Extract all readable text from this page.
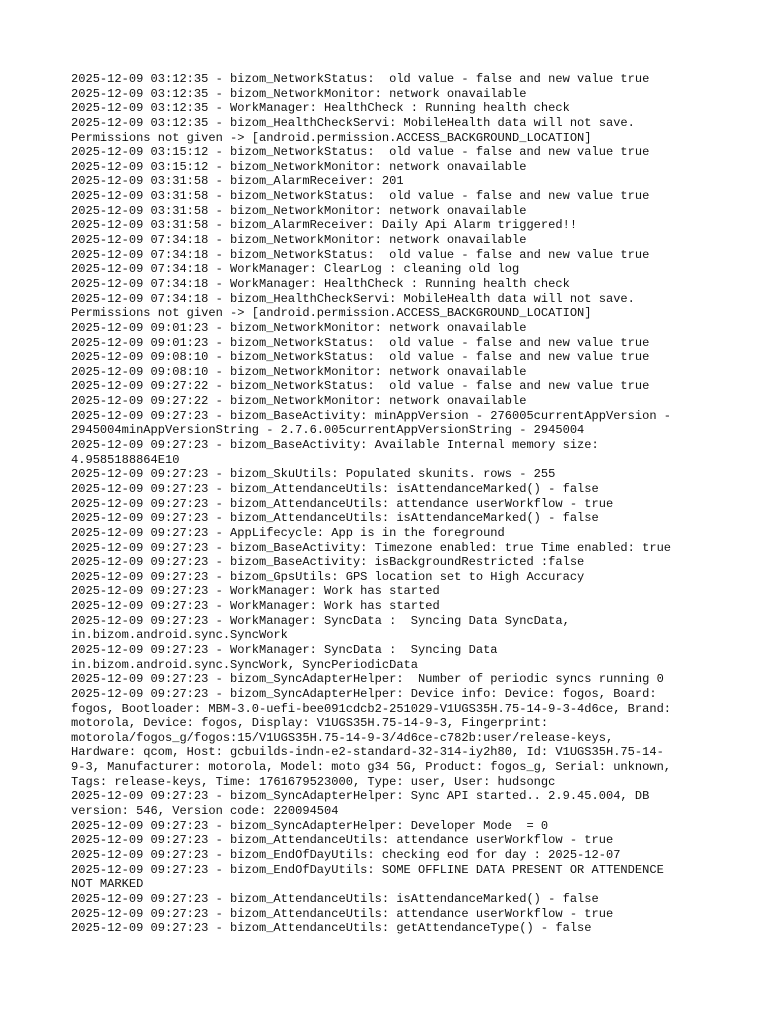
2025-12-09 03:12:35 - bizom_NetworkStatus:  old value - false and new value true
2025-12-09 03:12:35 - bizom_NetworkMonitor: network onavailable
2025-12-09 03:12:35 - WorkManager: HealthCheck : Running health check
2025-12-09 03:12:35 - bizom_HealthCheckServi: MobileHealth data will not save.
Permissions not given -> [android.permission.ACCESS_BACKGROUND_LOCATION]
2025-12-09 03:15:12 - bizom_NetworkStatus:  old value - false and new value true
2025-12-09 03:15:12 - bizom_NetworkMonitor: network onavailable
2025-12-09 03:31:58 - bizom_AlarmReceiver: 201
2025-12-09 03:31:58 - bizom_NetworkStatus:  old value - false and new value true
2025-12-09 03:31:58 - bizom_NetworkMonitor: network onavailable
2025-12-09 03:31:58 - bizom_AlarmReceiver: Daily Api Alarm triggered!!
2025-12-09 07:34:18 - bizom_NetworkMonitor: network onavailable
2025-12-09 07:34:18 - bizom_NetworkStatus:  old value - false and new value true
2025-12-09 07:34:18 - WorkManager: ClearLog : cleaning old log
2025-12-09 07:34:18 - WorkManager: HealthCheck : Running health check
2025-12-09 07:34:18 - bizom_HealthCheckServi: MobileHealth data will not save.
Permissions not given -> [android.permission.ACCESS_BACKGROUND_LOCATION]
2025-12-09 09:01:23 - bizom_NetworkMonitor: network onavailable
2025-12-09 09:01:23 - bizom_NetworkStatus:  old value - false and new value true
2025-12-09 09:08:10 - bizom_NetworkStatus:  old value - false and new value true
2025-12-09 09:08:10 - bizom_NetworkMonitor: network onavailable
2025-12-09 09:27:22 - bizom_NetworkStatus:  old value - false and new value true
2025-12-09 09:27:22 - bizom_NetworkMonitor: network onavailable
2025-12-09 09:27:23 - bizom_BaseActivity: minAppVersion - 276005currentAppVersion -
2945004minAppVersionString - 2.7.6.005currentAppVersionString - 2945004
2025-12-09 09:27:23 - bizom_BaseActivity: Available Internal memory size:
4.9585188864E10
2025-12-09 09:27:23 - bizom_SkuUtils: Populated skunits. rows - 255
2025-12-09 09:27:23 - bizom_AttendanceUtils: isAttendanceMarked() - false
2025-12-09 09:27:23 - bizom_AttendanceUtils: attendance userWorkflow - true
2025-12-09 09:27:23 - bizom_AttendanceUtils: isAttendanceMarked() - false
2025-12-09 09:27:23 - AppLifecycle: App is in the foreground
2025-12-09 09:27:23 - bizom_BaseActivity: Timezone enabled: true Time enabled: true
2025-12-09 09:27:23 - bizom_BaseActivity: isBackgroundRestricted :false
2025-12-09 09:27:23 - bizom_GpsUtils: GPS location set to High Accuracy
2025-12-09 09:27:23 - WorkManager: Work has started
2025-12-09 09:27:23 - WorkManager: Work has started
2025-12-09 09:27:23 - WorkManager: SyncData :  Syncing Data SyncData,
in.bizom.android.sync.SyncWork
2025-12-09 09:27:23 - WorkManager: SyncData :  Syncing Data
in.bizom.android.sync.SyncWork, SyncPeriodicData
2025-12-09 09:27:23 - bizom_SyncAdapterHelper:  Number of periodic syncs running 0
2025-12-09 09:27:23 - bizom_SyncAdapterHelper: Device info: Device: fogos, Board:
fogos, Bootloader: MBM-3.0-uefi-bee091cdcb2-251029-V1UGS35H.75-14-9-3-4d6ce, Brand:
motorola, Device: fogos, Display: V1UGS35H.75-14-9-3, Fingerprint:
motorola/fogos_g/fogos:15/V1UGS35H.75-14-9-3/4d6ce-c782b:user/release-keys,
Hardware: qcom, Host: gcbuilds-indn-e2-standard-32-314-iy2h80, Id: V1UGS35H.75-14-
9-3, Manufacturer: motorola, Model: moto g34 5G, Product: fogos_g, Serial: unknown,
Tags: release-keys, Time: 1761679523000, Type: user, User: hudsongc
2025-12-09 09:27:23 - bizom_SyncAdapterHelper: Sync API started.. 2.9.45.004, DB
version: 546, Version code: 220094504
2025-12-09 09:27:23 - bizom_SyncAdapterHelper: Developer Mode  = 0
2025-12-09 09:27:23 - bizom_AttendanceUtils: attendance userWorkflow - true
2025-12-09 09:27:23 - bizom_EndOfDayUtils: checking eod for day : 2025-12-07
2025-12-09 09:27:23 - bizom_EndOfDayUtils: SOME OFFLINE DATA PRESENT OR ATTENDENCE
NOT MARKED
2025-12-09 09:27:23 - bizom_AttendanceUtils: isAttendanceMarked() - false
2025-12-09 09:27:23 - bizom_AttendanceUtils: attendance userWorkflow - true
2025-12-09 09:27:23 - bizom_AttendanceUtils: getAttendanceType() - false
